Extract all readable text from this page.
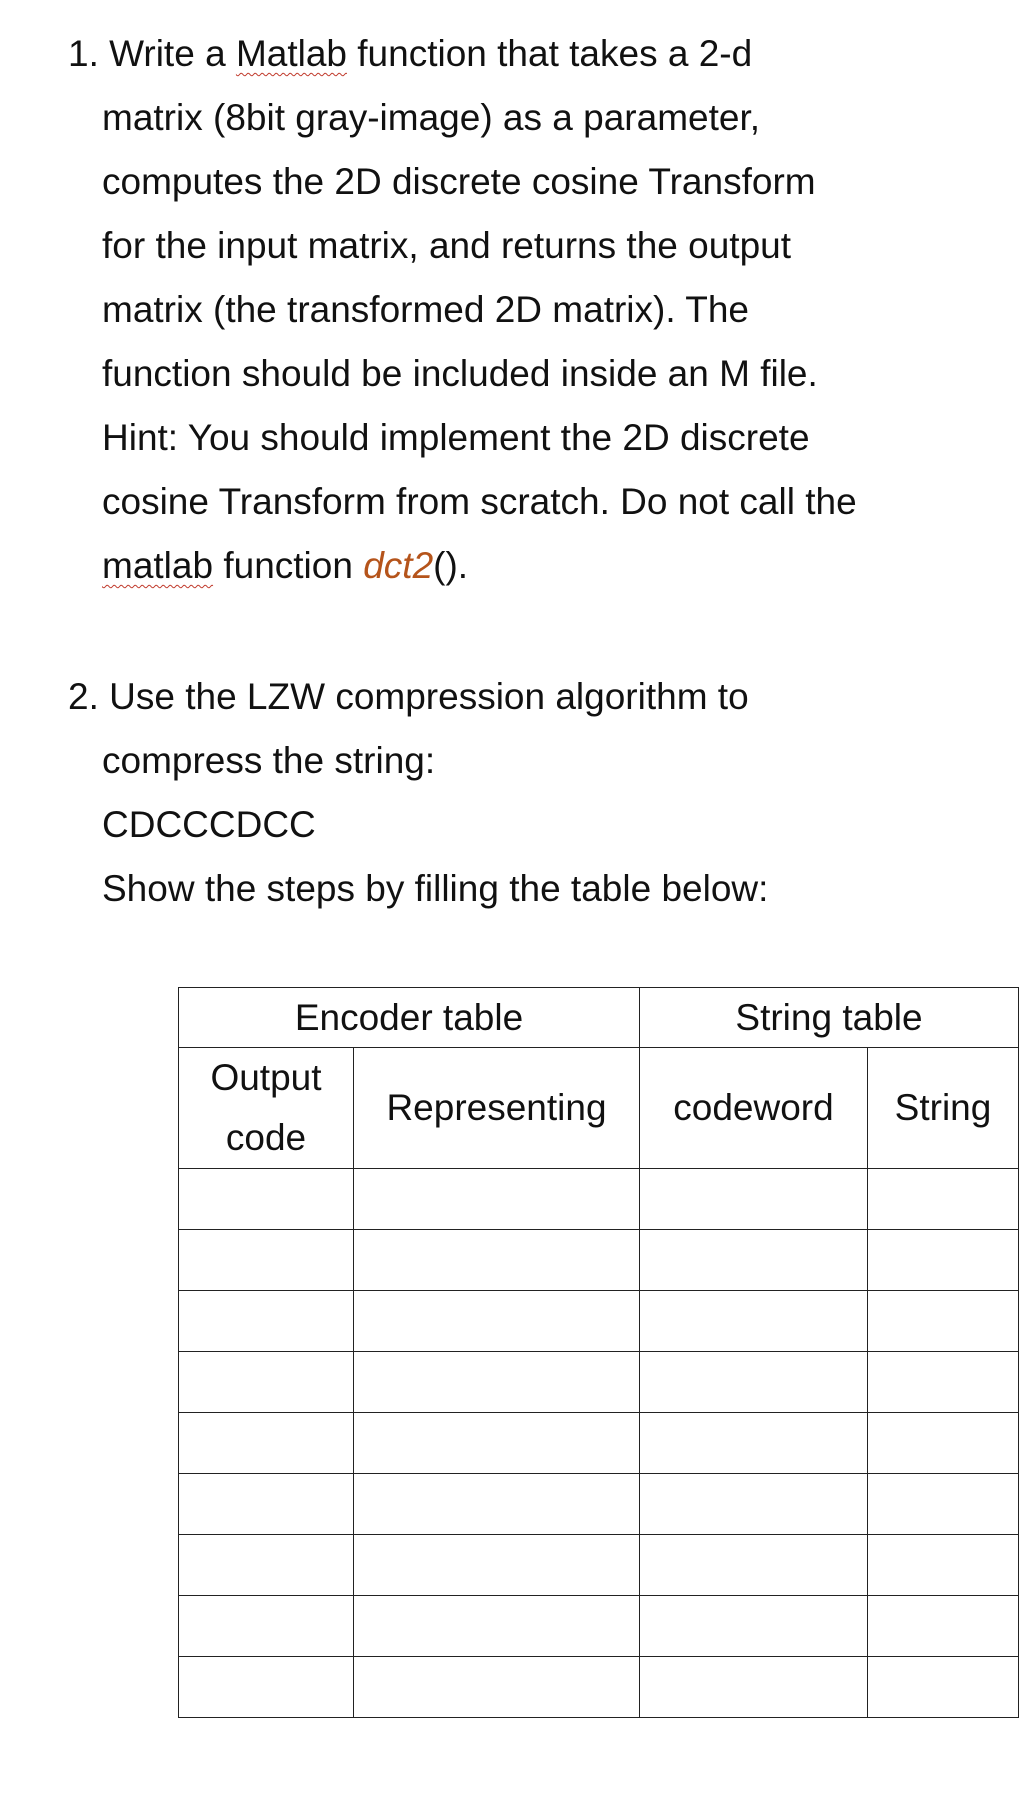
1. Write a Matlab function that takes a 2-d
matrix (8bit gray-image) as a parameter,
computes the 2D discrete cosine Transform
for the input matrix, and returns the output
matrix (the transformed 2D matrix). The
function should be included inside an M file.
Hint: You should implement the 2D discrete
cosine Transform from scratch. Do not call the
matlab function dct2().
2. Use the LZW compression algorithm to
compress the string:
CDCCCDCC
Show the steps by filling the table below:
Encoder table		String table	
Output
code	Representing	codeword	String
